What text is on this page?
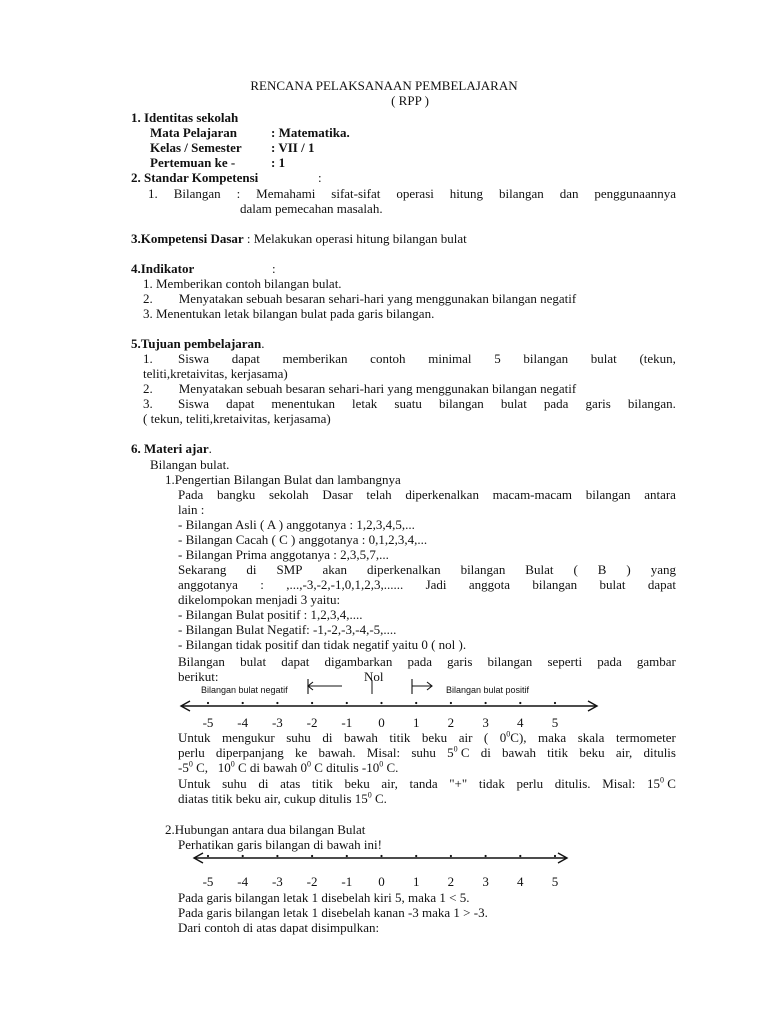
RENCANA PELAKSANAAN PEMBELAJARAN
( RPP )
1. Identitas sekolah
Mata Pelajaran	: Matematika.
Kelas / Semester : VII / 1
Pertemuan ke -	: 1
2. Standar Kompetensi	:
1. Bilangan : Memahami sifat-sifat operasi hitung bilangan dan penggunaannya
dalam pemecahan masalah.
3.Kompetensi Dasar : Melakukan operasi hitung bilangan bulat
4.Indikator	:
1. Memberikan contoh bilangan bulat.
2.        Menyatakan sebuah besaran sehari-hari yang menggunakan bilangan negatif
3. Menentukan letak bilangan bulat pada garis bilangan.
5.Tujuan pembelajaran.
1. Siswa dapat memberikan contoh minimal 5 bilangan bulat (tekun,
teliti,kretaivitas, kerjasama)
2.        Menyatakan sebuah besaran sehari-hari yang menggunakan bilangan negatif
3. Siswa dapat menentukan letak suatu bilangan bulat pada garis bilangan.
( tekun, teliti,kretaivitas, kerjasama)
6. Materi ajar.
Bilangan bulat.
1.Pengertian Bilangan Bulat dan lambangnya
Pada bangku sekolah Dasar telah diperkenalkan macam-macam bilangan antara
lain :
- Bilangan Asli ( A ) anggotanya : 1,2,3,4,5,...
- Bilangan Cacah ( C ) anggotanya : 0,1,2,3,4,...
- Bilangan Prima anggotanya : 2,3,5,7,...
Sekarang di SMP akan diperkenalkan bilangan Bulat ( B ) yang
anggotanya : ,...,-3,-2,-1,0,1,2,3,...... Jadi anggota bilangan bulat dapat
dikelompokan menjadi 3 yaitu:
- Bilangan Bulat positif : 1,2,3,4,....
- Bilangan Bulat Negatif: -1,-2,-3,-4,-5,....
- Bilangan tidak positif dan tidak negatif yaitu 0 ( nol ).
Bilangan bulat dapat digambarkan pada garis bilangan seperti pada gambar
berikut:
Bilangan bulat negatif
Nol
Bilangan bulat positif
-5	-4	-3	-2	-1	0	1	2	3	4	5
Untuk mengukur suhu di bawah titik beku air ( $0^0C$), maka skala termometer
perlu diperpanjang ke bawah. Misal: suhu $5^0$ C di bawah titik beku air, ditulis
$-5^0$ C,   $10^0$ C di bawah $0^0$ C ditulis $-10^0$ C.
Untuk suhu di atas titik beku air, tanda "+" tidak perlu ditulis. Misal: $15^0$ C
diatas titik beku air, cukup ditulis $15^0$ C.
2.Hubungan antara dua bilangan Bulat
Perhatikan garis bilangan di bawah ini!
-5	-4	-3	-2	-1	0	1	2	3	4	5
Pada garis bilangan letak 1 disebelah kiri 5, maka 1 < 5.
Pada garis bilangan letak 1 disebelah kanan -3 maka 1 > -3.
Dari contoh di atas dapat disimpulkan:
